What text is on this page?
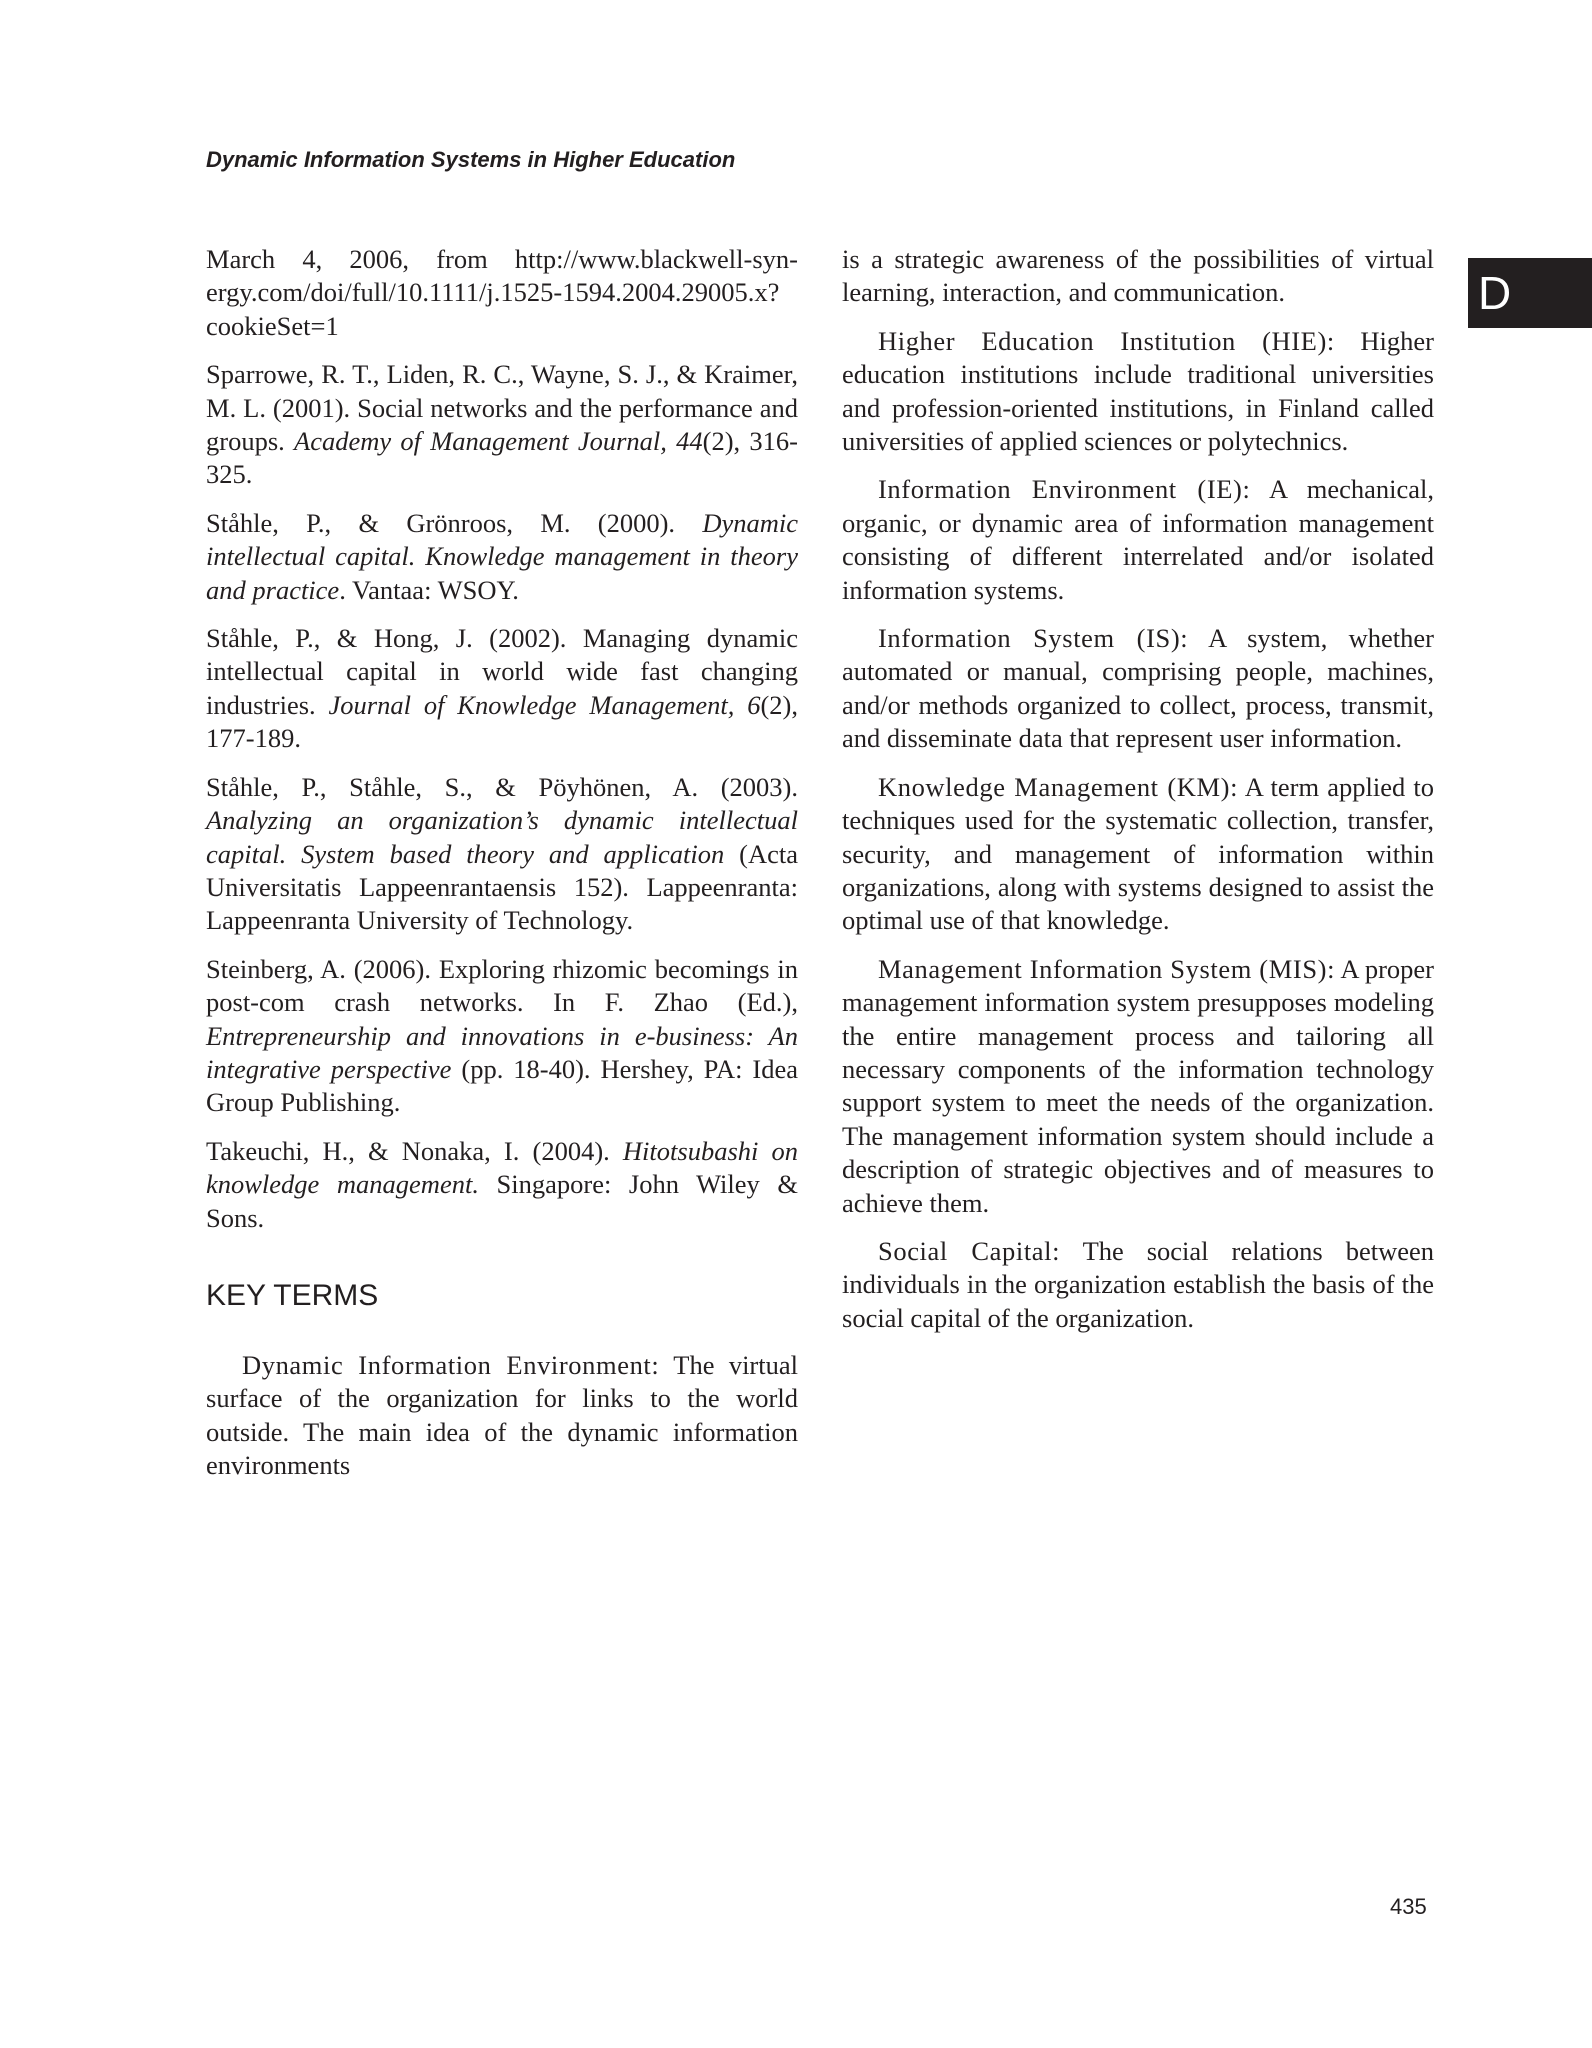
Dynamic Information Systems in Higher Education
D

March 4, 2006, from http://www.blackwell-syn-ergy.com/doi/full/10.1111/j.1525-1594.2004.29005.x?cookieSet=1

Sparrowe, R. T., Liden, R. C., Wayne, S. J., & Kraimer, M. L. (2001). Social networks and the performance and groups. Academy of Management Journal, 44(2), 316-325.

Ståhle, P., & Grönroos, M. (2000). Dynamic intellectual capital. Knowledge management in theory and practice. Vantaa: WSOY.

Ståhle, P., & Hong, J. (2002). Managing dynamic intellectual capital in world wide fast changing industries. Journal of Knowledge Management, 6(2), 177-189.

Ståhle, P., Ståhle, S., & Pöyhönen, A. (2003). Analyzing an organization’s dynamic intellectual capital. System based theory and application (Acta Universitatis Lappeenrantaensis 152). Lappeenranta: Lappeenranta University of Technology.

Steinberg, A. (2006). Exploring rhizomic becomings in post-com crash networks. In F. Zhao (Ed.), Entrepreneurship and innovations in e-business: An integrative perspective (pp. 18-40). Hershey, PA: Idea Group Publishing.

Takeuchi, H., & Nonaka, I. (2004). Hitotsubashi on knowledge management. Singapore: John Wiley & Sons.

KEY TERMS

Dynamic Information Environment: The virtual surface of the organization for links to the world outside. The main idea of the dynamic information environments

is a strategic awareness of the possibilities of virtual learning, interaction, and communication.

Higher Education Institution (HIE): Higher education institutions include traditional universities and profession-oriented institutions, in Finland called universities of applied sciences or polytechnics.

Information Environment (IE): A mechanical, organic, or dynamic area of information management consisting of different interrelated and/or isolated information systems.

Information System (IS): A system, whether automated or manual, comprising people, machines, and/or methods organized to collect, process, transmit, and disseminate data that represent user information.

Knowledge Management (KM): A term applied to techniques used for the systematic collection, transfer, security, and management of information within organizations, along with systems designed to assist the optimal use of that knowledge.

Management Information System (MIS): A proper management information system presupposes modeling the entire management process and tailoring all necessary components of the information technology support system to meet the needs of the organization. The management information system should include a description of strategic objectives and of measures to achieve them.

Social Capital: The social relations between individuals in the organization establish the basis of the social capital of the organization.

435
